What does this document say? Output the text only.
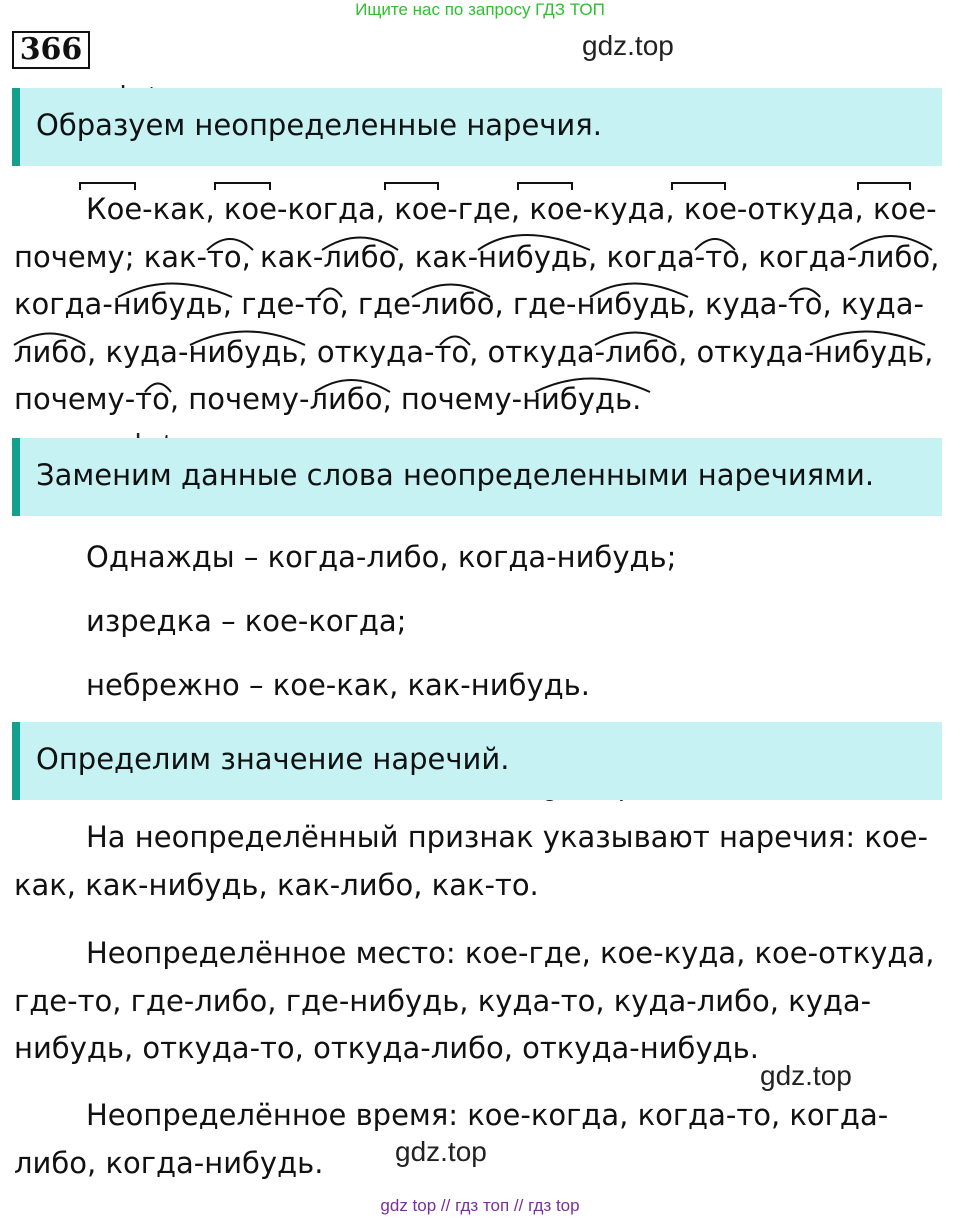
Ищите нас по запросу ГДЗ ТОП
366	gdz.top
gdz.top
gdz.top
Образуем неопределенные наречия.
Кое-как, кое-когда, кое-где, кое-куда, кое-откуда, кое-
почему; как-то, как-либо, как-нибудь, когда-то, когда-либо,
когда-нибудь, где-то, где-либо, где-нибудь, куда-то, куда-
либо, куда-нибудь, откуда-то, откуда-либо, откуда-нибудь,
почему-то, почему-либо, почему-нибудь.
Заменим данные слова неопределенными наречиями.
Однажды – когда-либо, когда-нибудь;
изредка – кое-когда;
небрежно – кое-как, как-нибудь.
Определим значение наречий.
На неопределённый признак указывают наречия: кое-
как, как-нибудь, как-либо, как-то.
Неопределённое место: кое-где, кое-куда, кое-откуда,
где-то, где-либо, где-нибудь, куда-то, куда-либо, куда-
нибудь, откуда-то, откуда-либо, откуда-нибудь.
Неопределённое время: кое-когда, когда-то, когда-
либо, когда-нибудь.
gdz top // гдз топ // гдз top
